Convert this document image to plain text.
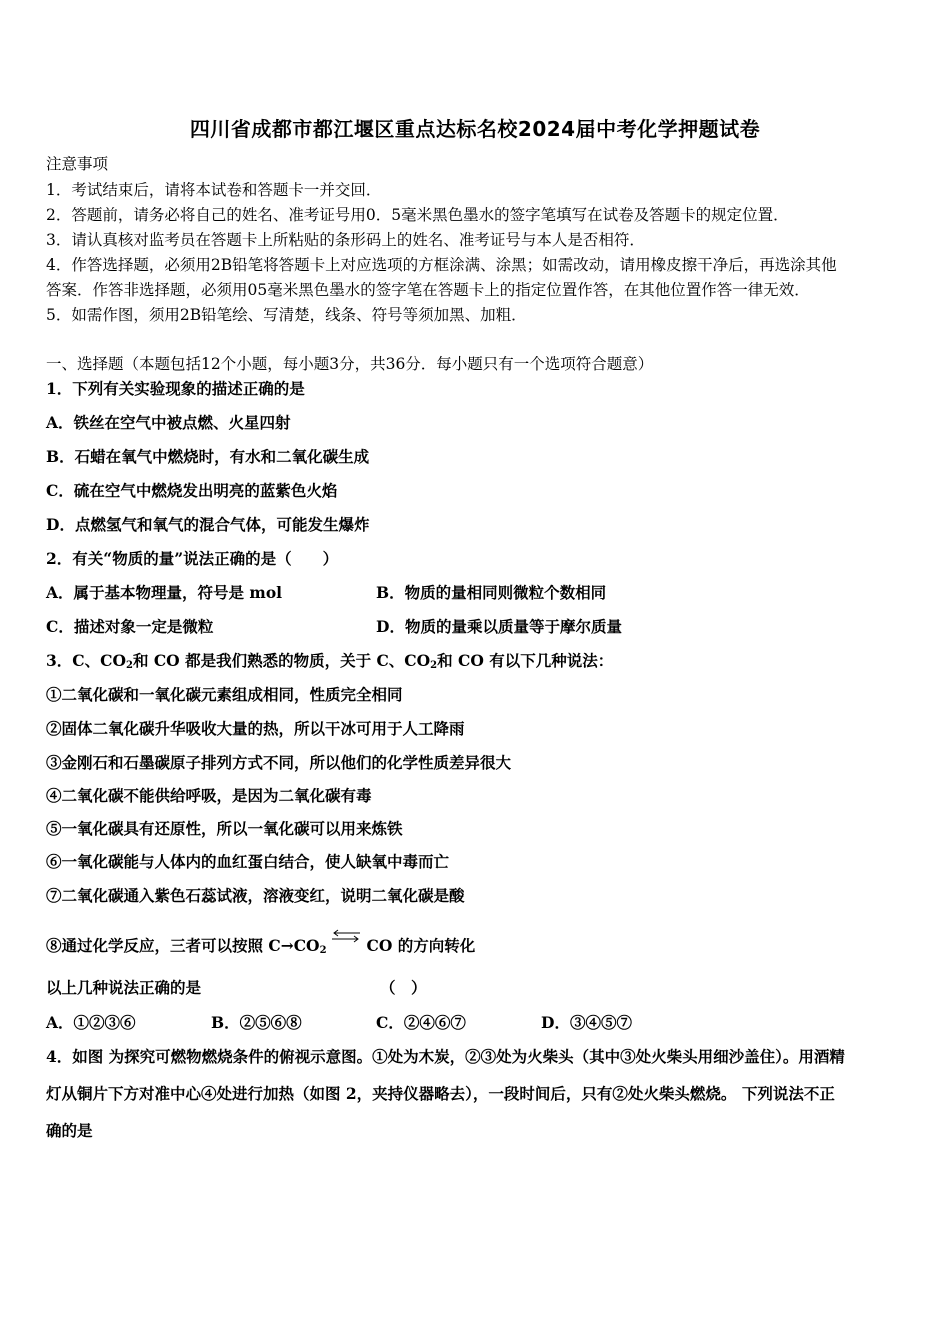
四川省成都市都江堰区重点达标名校2024届中考化学押题试卷
注意事项
1．考试结束后，请将本试卷和答题卡一并交回．
2．答题前，请务必将自己的姓名、准考证号用0．5毫米黑色墨水的签字笔填写在试卷及答题卡的规定位置．
3．请认真核对监考员在答题卡上所粘贴的条形码上的姓名、准考证号与本人是否相符．
4．作答选择题，必须用2B铅笔将答题卡上对应选项的方框涂满、涂黑；如需改动，请用橡皮擦干净后，再选涂其他
答案．作答非选择题，必须用05毫米黑色墨水的签字笔在答题卡上的指定位置作答，在其他位置作答一律无效．
5．如需作图，须用2B铅笔绘、写清楚，线条、符号等须加黑、加粗．
一、选择题（本题包括12个小题，每小题3分，共36分．每小题只有一个选项符合题意）
1．下列有关实验现象的描述正确的是
A．铁丝在空气中被点燃、火星四射
B．石蜡在氧气中燃烧时，有水和二氧化碳生成
C．硫在空气中燃烧发出明亮的蓝紫色火焰
D．点燃氢气和氧气的混合气体，可能发生爆炸
2．有关“物质的量”说法正确的是（　　）
A．属于基本物理量，符号是 mol	B．物质的量相同则微粒个数相同
C．描述对象一定是微粒	D．物质的量乘以质量等于摩尔质量
3．C、$CO_2$和 CO 都是我们熟悉的物质，关于 C、$CO_2$和 CO 有以下几种说法：
①二氧化碳和一氧化碳元素组成相同，性质完全相同
②固体二氧化碳升华吸收大量的热，所以干冰可用于人工降雨
③金刚石和石墨碳原子排列方式不同，所以他们的化学性质差异很大
④二氧化碳不能供给呼吸，是因为二氧化碳有毒
⑤一氧化碳具有还原性，所以一氧化碳可以用来炼铁
⑥一氧化碳能与人体内的血红蛋白结合，使人缺氧中毒而亡
⑦二氧化碳通入紫色石蕊试液，溶液变红，说明二氧化碳是酸
⑧通过化学反应，三者可以按照 $C\to CO_2$ ⇌ CO 的方向转化
以上几种说法正确的是	（　）
A．①②③⑥	B．②⑤⑥⑧	C．②④⑥⑦	D．③④⑤⑦
4．如图 为探究可燃物燃烧条件的俯视示意图。①处为木炭，②③处为火柴头（其中③处火柴头用细沙盖住）。用酒精
灯从铜片下方对准中心④处进行加热（如图 2，夹持仪器略去），一段时间后，只有②处火柴头燃烧。 下列说法不正
确的是
